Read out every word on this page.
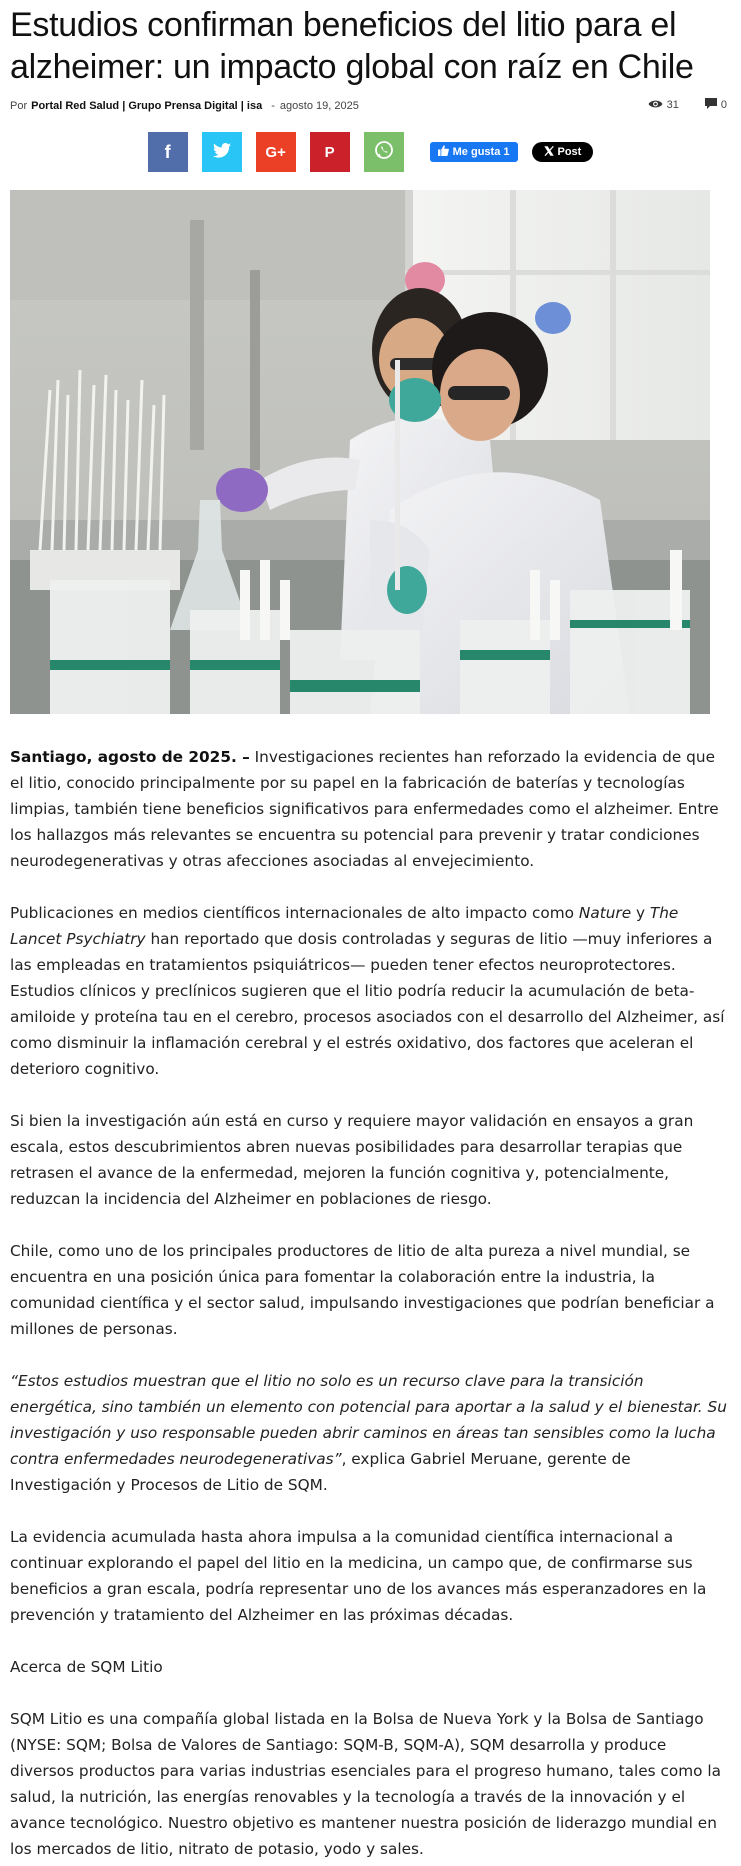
Estudios confirman beneficios del litio para el alzheimer: un impacto global con raíz en Chile
Por Portal Red Salud | Grupo Prensa Digital | isa - agosto 19, 2025	31	0
f	G+	P	Me gusta 1	Post

Santiago, agosto de 2025. – Investigaciones recientes han reforzado la evidencia de que el litio, conocido principalmente por su papel en la fabricación de baterías y tecnologías limpias, también tiene beneficios significativos para enfermedades como el alzheimer. Entre los hallazgos más relevantes se encuentra su potencial para prevenir y tratar condiciones neurodegenerativas y otras afecciones asociadas al envejecimiento.

Publicaciones en medios científicos internacionales de alto impacto como Nature y The Lancet Psychiatry han reportado que dosis controladas y seguras de litio —muy inferiores a las empleadas en tratamientos psiquiátricos— pueden tener efectos neuroprotectores. Estudios clínicos y preclínicos sugieren que el litio podría reducir la acumulación de beta-amiloide y proteína tau en el cerebro, procesos asociados con el desarrollo del Alzheimer, así como disminuir la inflamación cerebral y el estrés oxidativo, dos factores que aceleran el deterioro cognitivo.

Si bien la investigación aún está en curso y requiere mayor validación en ensayos a gran escala, estos descubrimientos abren nuevas posibilidades para desarrollar terapias que retrasen el avance de la enfermedad, mejoren la función cognitiva y, potencialmente, reduzcan la incidencia del Alzheimer en poblaciones de riesgo.

Chile, como uno de los principales productores de litio de alta pureza a nivel mundial, se encuentra en una posición única para fomentar la colaboración entre la industria, la comunidad científica y el sector salud, impulsando investigaciones que podrían beneficiar a millones de personas.

“Estos estudios muestran que el litio no solo es un recurso clave para la transición energética, sino también un elemento con potencial para aportar a la salud y el bienestar. Su investigación y uso responsable pueden abrir caminos en áreas tan sensibles como la lucha contra enfermedades neurodegenerativas”, explica Gabriel Meruane, gerente de Investigación y Procesos de Litio de SQM.

La evidencia acumulada hasta ahora impulsa a la comunidad científica internacional a continuar explorando el papel del litio en la medicina, un campo que, de confirmarse sus beneficios a gran escala, podría representar uno de los avances más esperanzadores en la prevención y tratamiento del Alzheimer en las próximas décadas.

Acerca de SQM Litio

SQM Litio es una compañía global listada en la Bolsa de Nueva York y la Bolsa de Santiago (NYSE: SQM; Bolsa de Valores de Santiago: SQM-B, SQM-A), SQM desarrolla y produce diversos productos para varias industrias esenciales para el progreso humano, tales como la salud, la nutrición, las energías renovables y la tecnología a través de la innovación y el avance tecnológico. Nuestro objetivo es mantener nuestra posición de liderazgo mundial en los mercados de litio, nitrato de potasio, yodo y sales.
